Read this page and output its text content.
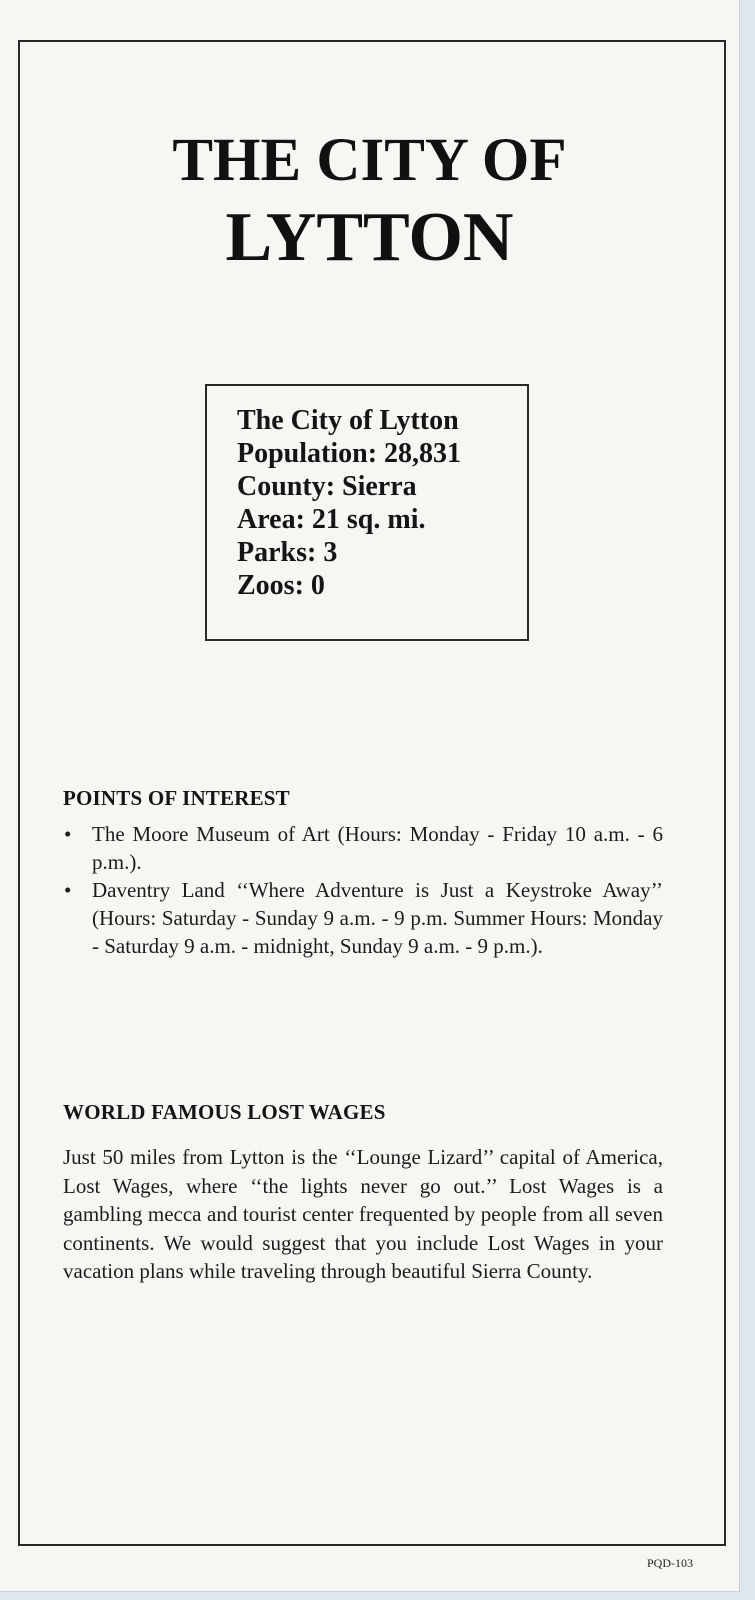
THE CITY OF
LYTTON
The City of Lytton
Population: 28,831
County: Sierra
Area: 21 sq. mi.
Parks: 3
Zoos: 0
POINTS OF INTEREST
• The Moore Museum of Art (Hours: Monday - Friday 10 a.m. - 6 p.m.).
• Daventry Land ‘‘Where Adventure is Just a Keystroke Away’’ (Hours: Saturday - Sunday 9 a.m. - 9 p.m. Summer Hours: Monday - Saturday 9 a.m. - midnight, Sunday 9 a.m. - 9 p.m.).
WORLD FAMOUS LOST WAGES

Just 50 miles from Lytton is the ‘‘Lounge Lizard’’ capital of America, Lost Wages, where ‘‘the lights never go out.’’ Lost Wages is a gambling mecca and tourist center frequented by people from all seven continents. We would suggest that you include Lost Wages in your vacation plans while traveling through beautiful Sierra County.

PQD-103
